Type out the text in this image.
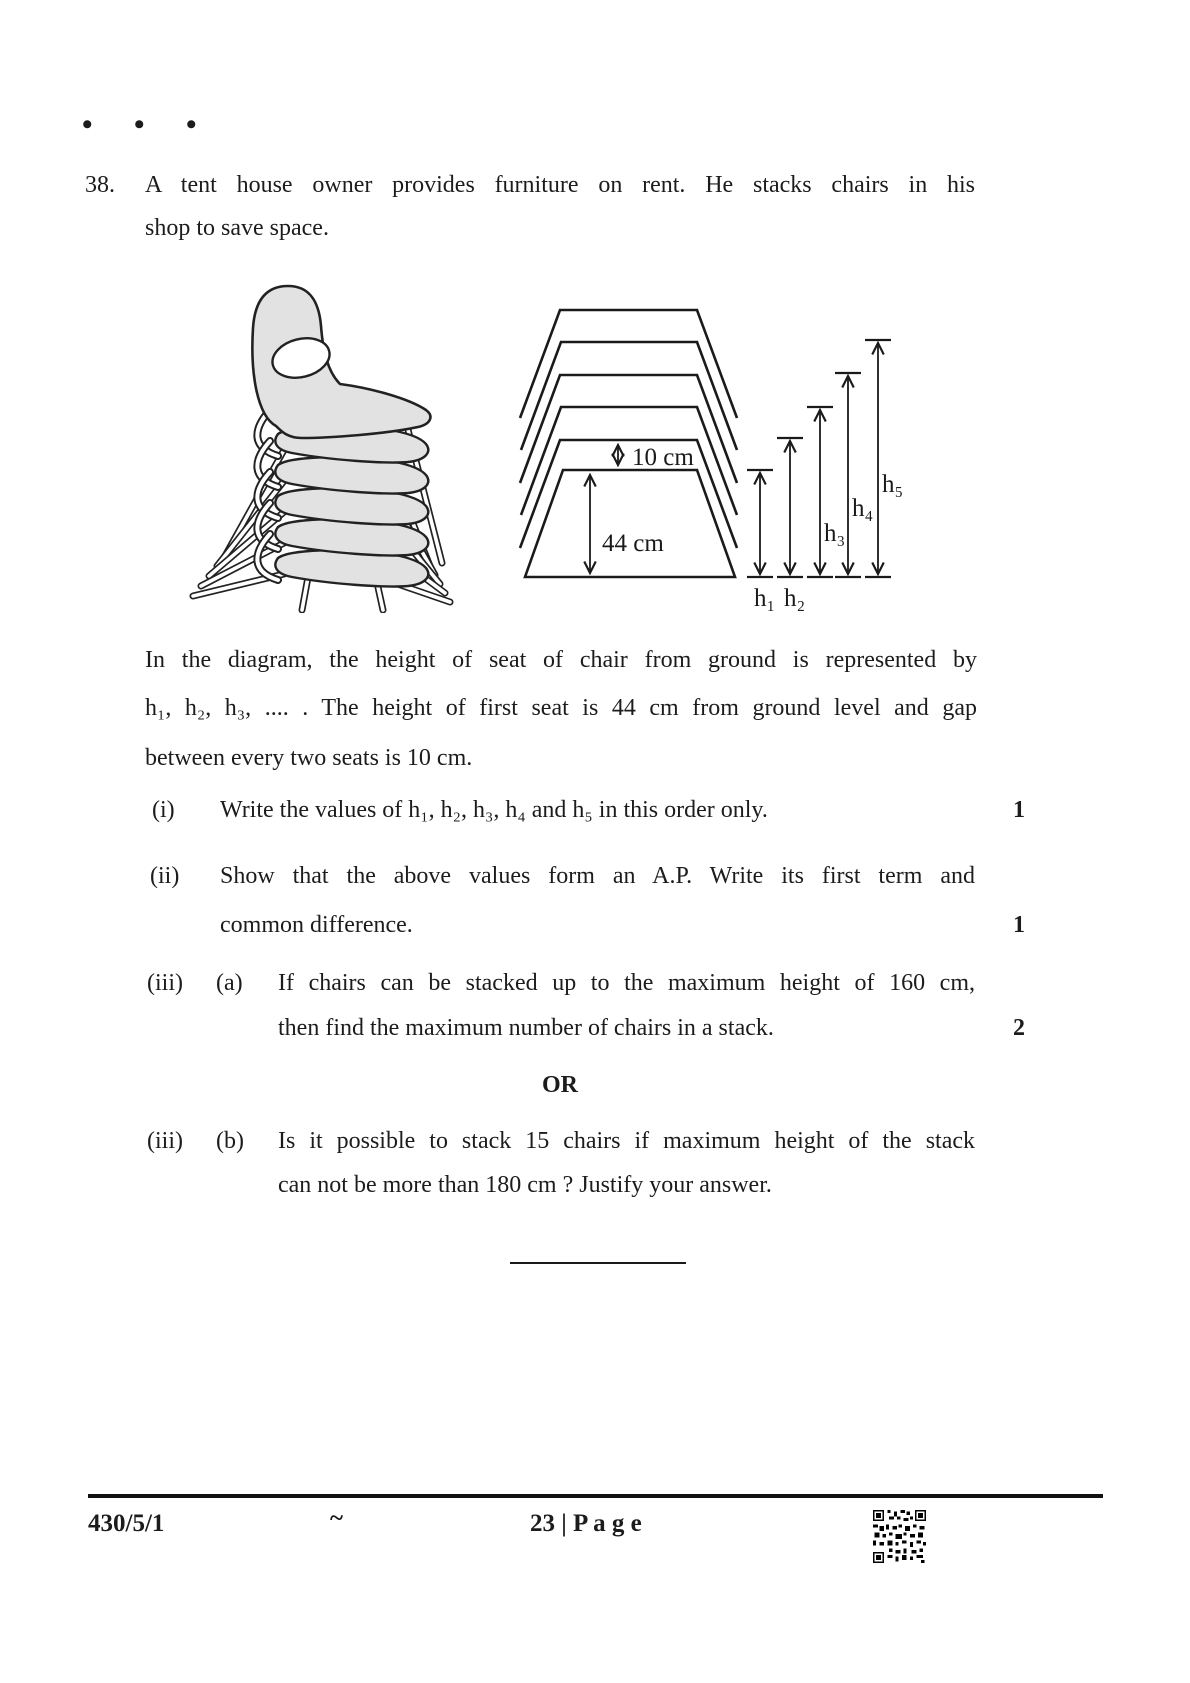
• • •
38. A tent house owner provides furniture on rent. He stacks chairs in his
shop to save space.
10 cm
44 cm
h₁ h₂
h₃
h₄
h₅
In the diagram, the height of seat of chair from ground is represented by
h₁, h₂, h₃, .... . The height of first seat is 44 cm from ground level and gap
between every two seats is 10 cm.
(i) Write the values of h₁, h₂, h₃, h₄ and h₅ in this order only.	1
(ii) Show that the above values form an A.P. Write its first term and
common difference.	1
(iii) (a) If chairs can be stacked up to the maximum height of 160 cm,
then find the maximum number of chairs in a stack.	2
OR
(iii) (b) Is it possible to stack 15 chairs if maximum height of the stack
can not be more than 180 cm ? Justify your answer.
430/5/1	~	23 | P a g e
